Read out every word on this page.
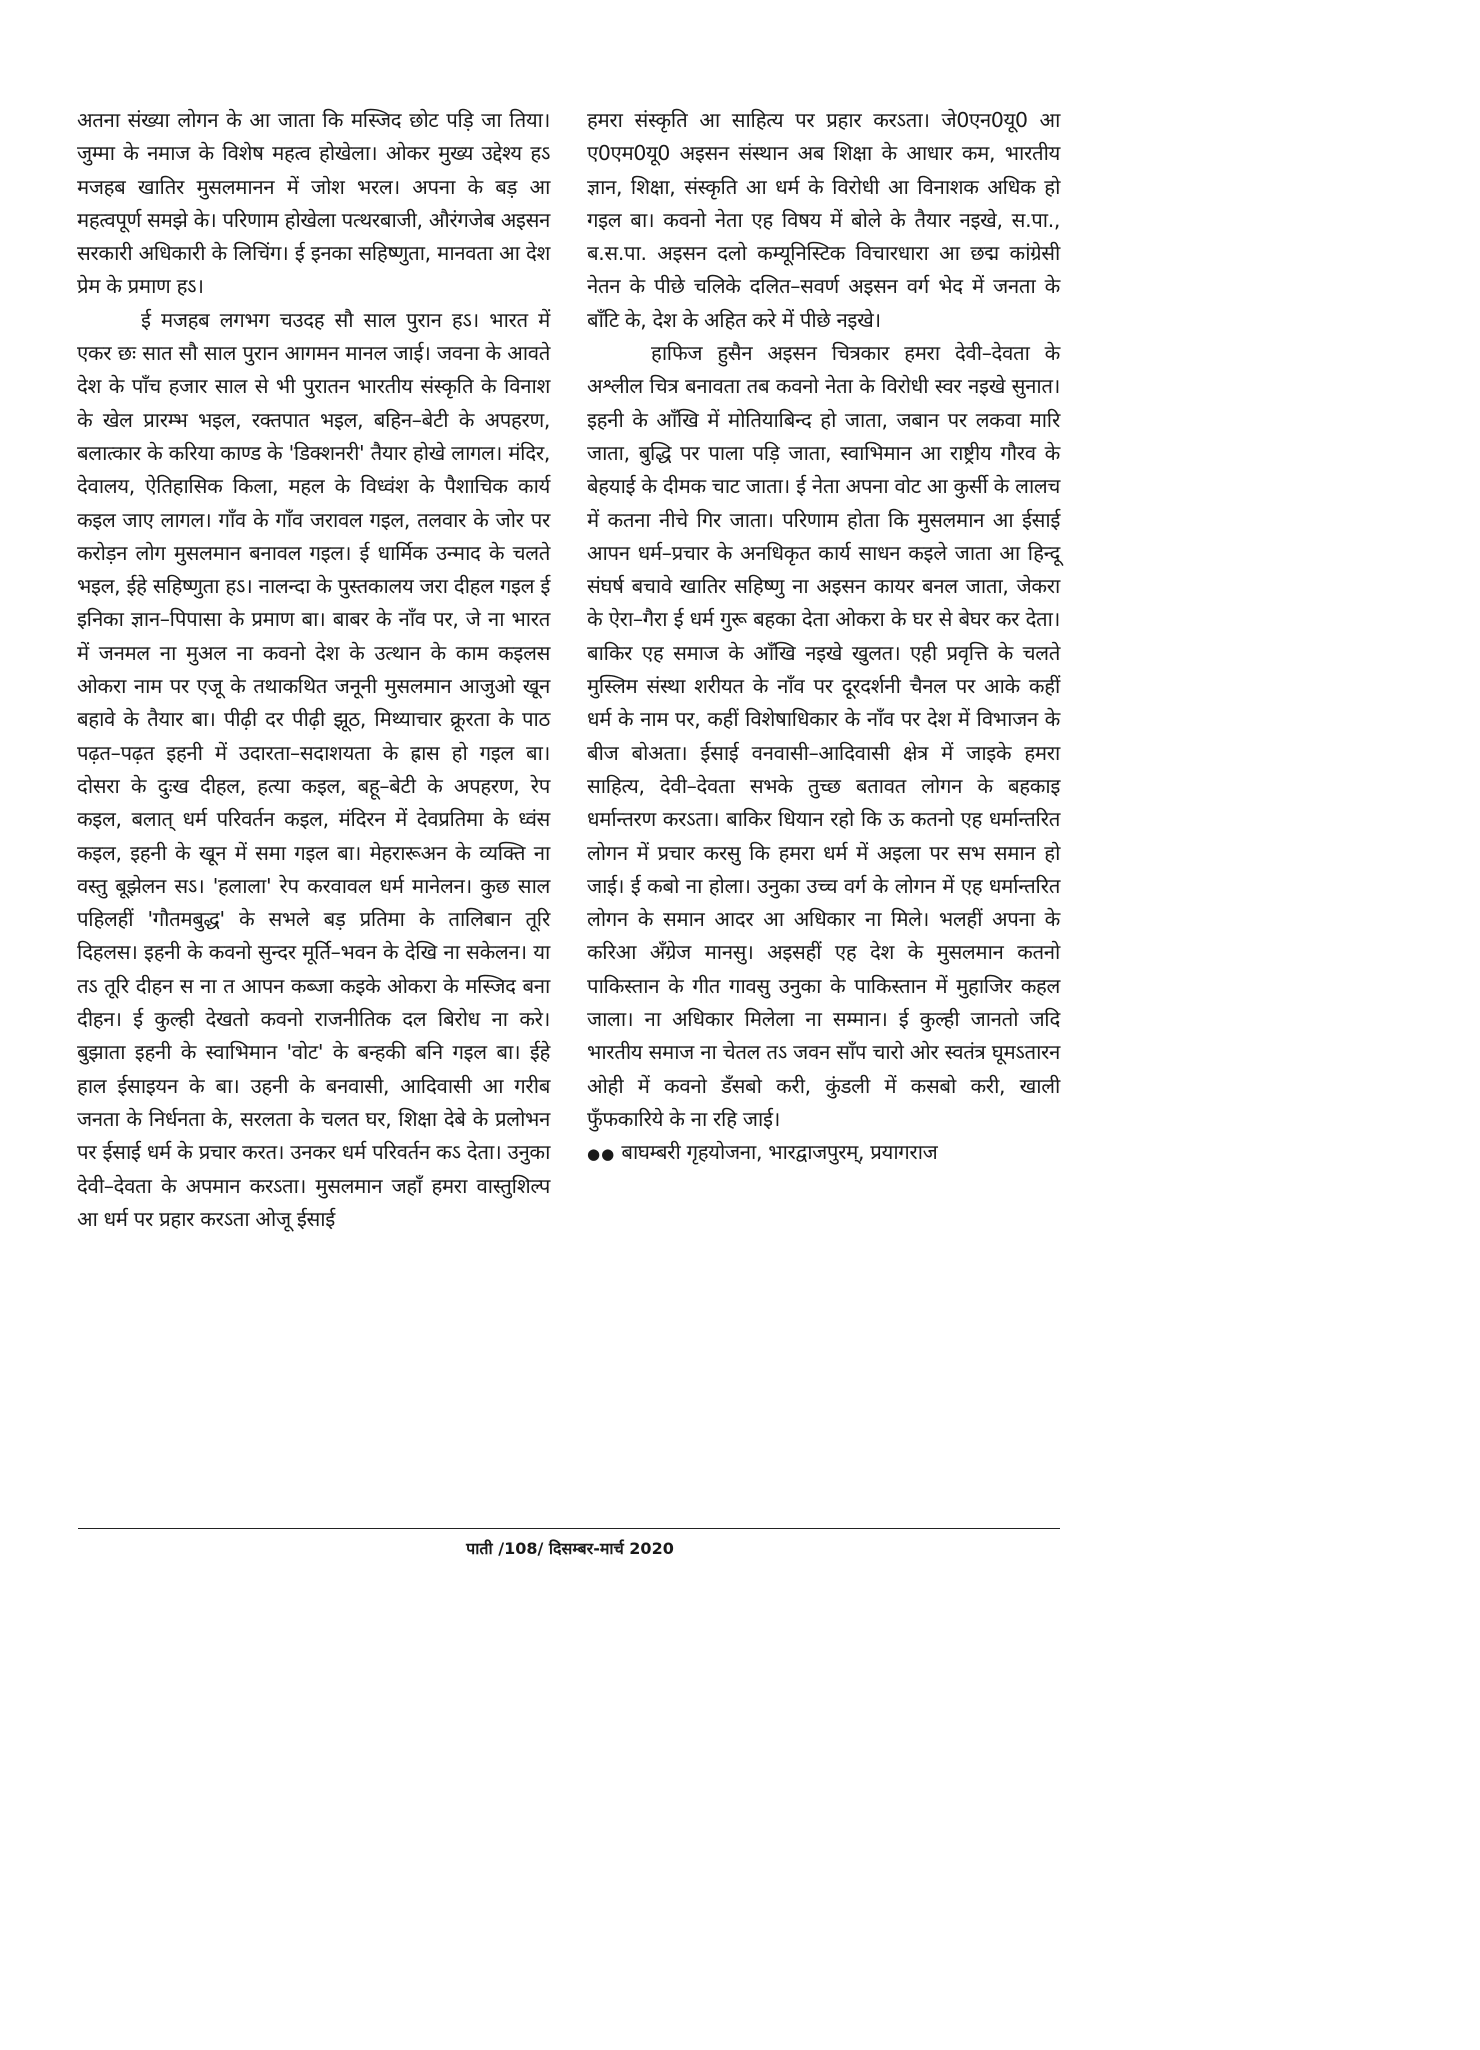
अतना संख्या लोगन के आ जाता कि मस्जिद छोट पड़ि जा तिया। जुम्मा के नमाज के विशेष महत्व होखेला। ओकर मुख्य उद्देश्य हऽ मजहब खातिर मुसलमानन में जोश भरल। अपना के बड़ आ महत्वपूर्ण समझे के। परिणाम होखेला पत्थरबाजी, औरंगजेब अइसन सरकारी अधिकारी के लिचिंग। ई इनका सहिष्णुता, मानवता आ देश प्रेम के प्रमाण हऽ।

ई मजहब लगभग चउदह सौ साल पुरान हऽ। भारत में एकर छः सात सौ साल पुरान आगमन मानल जाई। जवना के आवते देश के पाँच हजार साल से भी पुरातन भारतीय संस्कृति के विनाश के खेल प्रारम्भ भइल, रक्तपात भइल, बहिन–बेटी के अपहरण, बलात्कार के करिया काण्ड के 'डिक्शनरी' तैयार होखे लागल। मंदिर, देवालय, ऐतिहासिक किला, महल के विध्वंश के पैशाचिक कार्य कइल जाए लागल। गाँव के गाँव जरावल गइल, तलवार के जोर पर करोड़न लोग मुसलमान बनावल गइल। ई धार्मिक उन्माद के चलते भइल, ईहे सहिष्णुता हऽ। नालन्दा के पुस्तकालय जरा दीहल गइल ई इनिका ज्ञान–पिपासा के प्रमाण बा। बाबर के नाँव पर, जे ना भारत में जनमल ना मुअल ना कवनो देश के उत्थान के काम कइलस ओकरा नाम पर एजू के तथाकथित जनूनी मुसलमान आजुओ खून बहावे के तैयार बा। पीढ़ी दर पीढ़ी झूठ, मिथ्याचार क्रूरता के पाठ पढ़त–पढ़त इहनी में उदारता–सदाशयता के ह्रास हो गइल बा। दोसरा के दुःख दीहल, हत्या कइल, बहू–बेटी के अपहरण, रेप कइल, बलात् धर्म परिवर्तन कइल, मंदिरन में देवप्रतिमा के ध्वंस कइल, इहनी के खून में समा गइल बा। मेहरारूअन के व्यक्ति ना वस्तु बूझेलन सऽ। 'हलाला' रेप करवावल धर्म मानेलन। कुछ साल पहिलहीं 'गौतमबुद्ध' के सभले बड़ प्रतिमा के तालिबान तूरि दिहलस। इहनी के कवनो सुन्दर मूर्ति–भवन के देखि ना सकेलन। या तऽ तूरि दीहन स ना त आपन कब्जा कइके ओकरा के मस्जिद बना दीहन। ई कुल्ही देखतो कवनो राजनीतिक दल बिरोध ना करे। बुझाता इहनी के स्वाभिमान 'वोट' के बन्हकी बनि गइल बा। ईहे हाल ईसाइयन के बा। उहनी के बनवासी, आदिवासी आ गरीब जनता के निर्धनता के, सरलता के चलत घर, शिक्षा देबे के प्रलोभन पर ईसाई धर्म के प्रचार करत। उनकर धर्म परिवर्तन कऽ देता। उनुका देवी–देवता के अपमान करऽता। मुसलमान जहाँ हमरा वास्तुशिल्प आ धर्म पर प्रहार करऽता ओजू ईसाई

हमरा संस्कृति आ साहित्य पर प्रहार करऽता। जे0एन0यू0 आ ए0एम0यू0 अइसन संस्थान अब शिक्षा के आधार कम, भारतीय ज्ञान, शिक्षा, संस्कृति आ धर्म के विरोधी आ विनाशक अधिक हो गइल बा। कवनो नेता एह विषय में बोले के तैयार नइखे, स.पा., ब.स.पा. अइसन दलो कम्यूनिस्टिक विचारधारा आ छद्म कांग्रेसी नेतन के पीछे चलिके दलित–सवर्ण अइसन वर्ग भेद में जनता के बाँटि के, देश के अहित करे में पीछे नइखे।

हाफिज हुसैन अइसन चित्रकार हमरा देवी–देवता के अश्लील चित्र बनावता तब कवनो नेता के विरोधी स्वर नइखे सुनात। इहनी के आँखि में मोतियाबिन्द हो जाता, जबान पर लकवा मारि जाता, बुद्धि पर पाला पड़ि जाता, स्वाभिमान आ राष्ट्रीय गौरव के बेहयाई के दीमक चाट जाता। ई नेता अपना वोट आ कुर्सी के लालच में कतना नीचे गिर जाता। परिणाम होता कि मुसलमान आ ईसाई आपन धर्म–प्रचार के अनधिकृत कार्य साधन कइले जाता आ हिन्दू संघर्ष बचावे खातिर सहिष्णु ना अइसन कायर बनल जाता, जेकरा के ऐरा–गैरा ई धर्म गुरू बहका देता ओकरा के घर से बेघर कर देता। बाकिर एह समाज के आँखि नइखे खुलत। एही प्रवृत्ति के चलते मुस्लिम संस्था शरीयत के नाँव पर दूरदर्शनी चैनल पर आके कहीं धर्म के नाम पर, कहीं विशेषाधिकार के नाँव पर देश में विभाजन के बीज बोअता। ईसाई वनवासी–आदिवासी क्षेत्र में जाइके हमरा साहित्य, देवी–देवता सभके तुच्छ बतावत लोगन के बहकाइ धर्मान्तरण करऽता। बाकिर धियान रहो कि ऊ कतनो एह धर्मान्तरित लोगन में प्रचार करसु कि हमरा धर्म में अइला पर सभ समान हो जाई। ई कबो ना होला। उनुका उच्च वर्ग के लोगन में एह धर्मान्तरित लोगन के समान आदर आ अधिकार ना मिले। भलहीं अपना के करिआ अँग्रेज मानसु। अइसहीं एह देश के मुसलमान कतनो पाकिस्तान के गीत गावसु उनुका के पाकिस्तान में मुहाजिर कहल जाला। ना अधिकार मिलेला ना सम्मान। ई कुल्ही जानतो जदि भारतीय समाज ना चेतल तऽ जवन साँप चारो ओर स्वतंत्र घूमऽतारन ओही में कवनो डँसबो करी, कुंडली में कसबो करी, खाली फुँफकारिये के ना रहि जाई।

●● बाघम्बरी गृहयोजना, भारद्वाजपुरम्, प्रयागराज

पाती /108/ दिसम्बर-मार्च 2020
